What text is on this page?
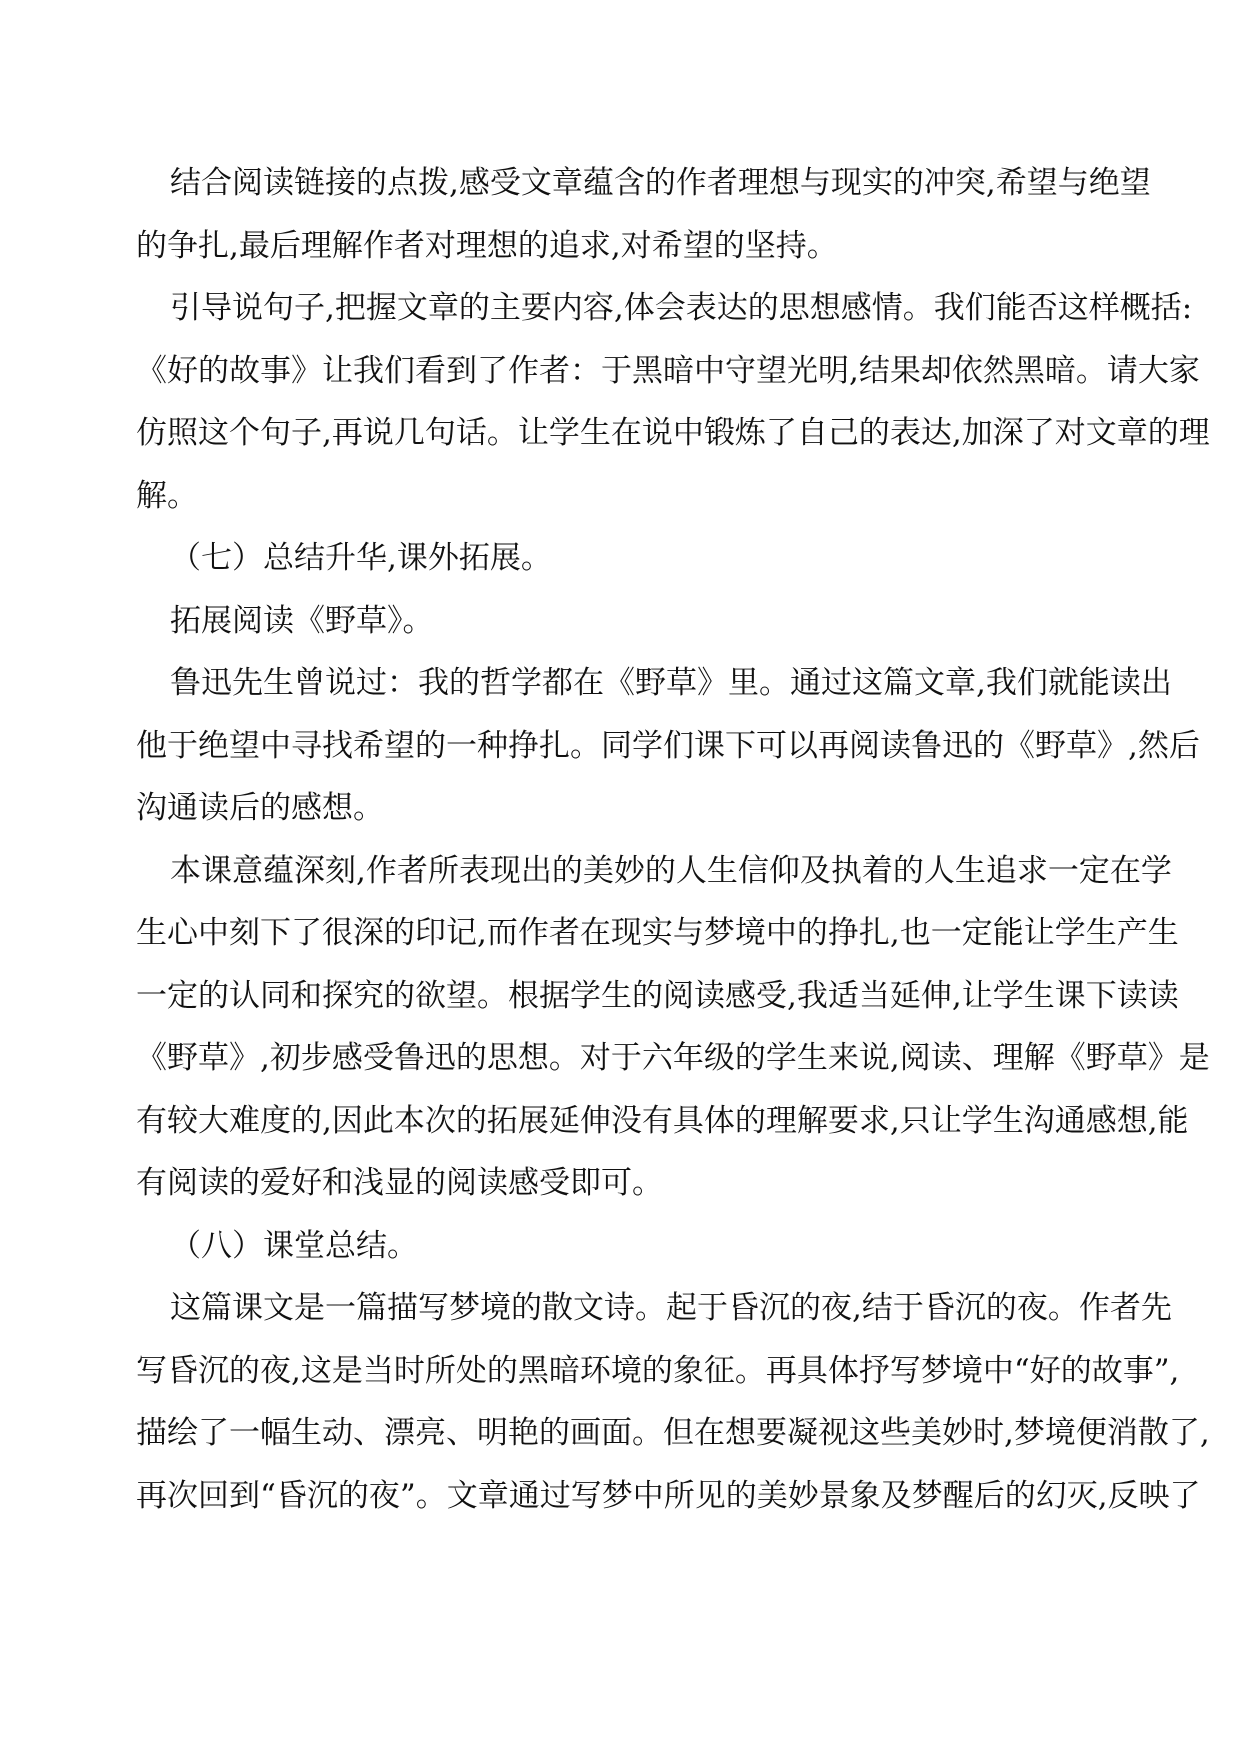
结合阅读链接的点拨,感受文章蕴含的作者理想与现实的冲突,希望与绝望
的争扎,最后理解作者对理想的追求,对希望的坚持。
引导说句子,把握文章的主要内容,体会表达的思想感情。我们能否这样概括:
《好的故事》让我们看到了作者：于黑暗中守望光明,结果却依然黑暗。请大家
仿照这个句子,再说几句话。让学生在说中锻炼了自己的表达,加深了对文章的理
解。
（七）总结升华,课外拓展。
拓展阅读《野草》。
鲁迅先生曾说过：我的哲学都在《野草》里。通过这篇文章,我们就能读出
他于绝望中寻找希望的一种挣扎。同学们课下可以再阅读鲁迅的《野草》,然后
沟通读后的感想。
本课意蕴深刻,作者所表现出的美妙的人生信仰及执着的人生追求一定在学
生心中刻下了很深的印记,而作者在现实与梦境中的挣扎,也一定能让学生产生
一定的认同和探究的欲望。根据学生的阅读感受,我适当延伸,让学生课下读读
《野草》,初步感受鲁迅的思想。对于六年级的学生来说,阅读、理解《野草》是
有较大难度的,因此本次的拓展延伸没有具体的理解要求,只让学生沟通感想,能
有阅读的爱好和浅显的阅读感受即可。
（八）课堂总结。
这篇课文是一篇描写梦境的散文诗。起于昏沉的夜,结于昏沉的夜。作者先
写昏沉的夜,这是当时所处的黑暗环境的象征。再具体抒写梦境中“好的故事”,
描绘了一幅生动、漂亮、明艳的画面。但在想要凝视这些美妙时,梦境便消散了,
再次回到“昏沉的夜”。文章通过写梦中所见的美妙景象及梦醒后的幻灭,反映了
